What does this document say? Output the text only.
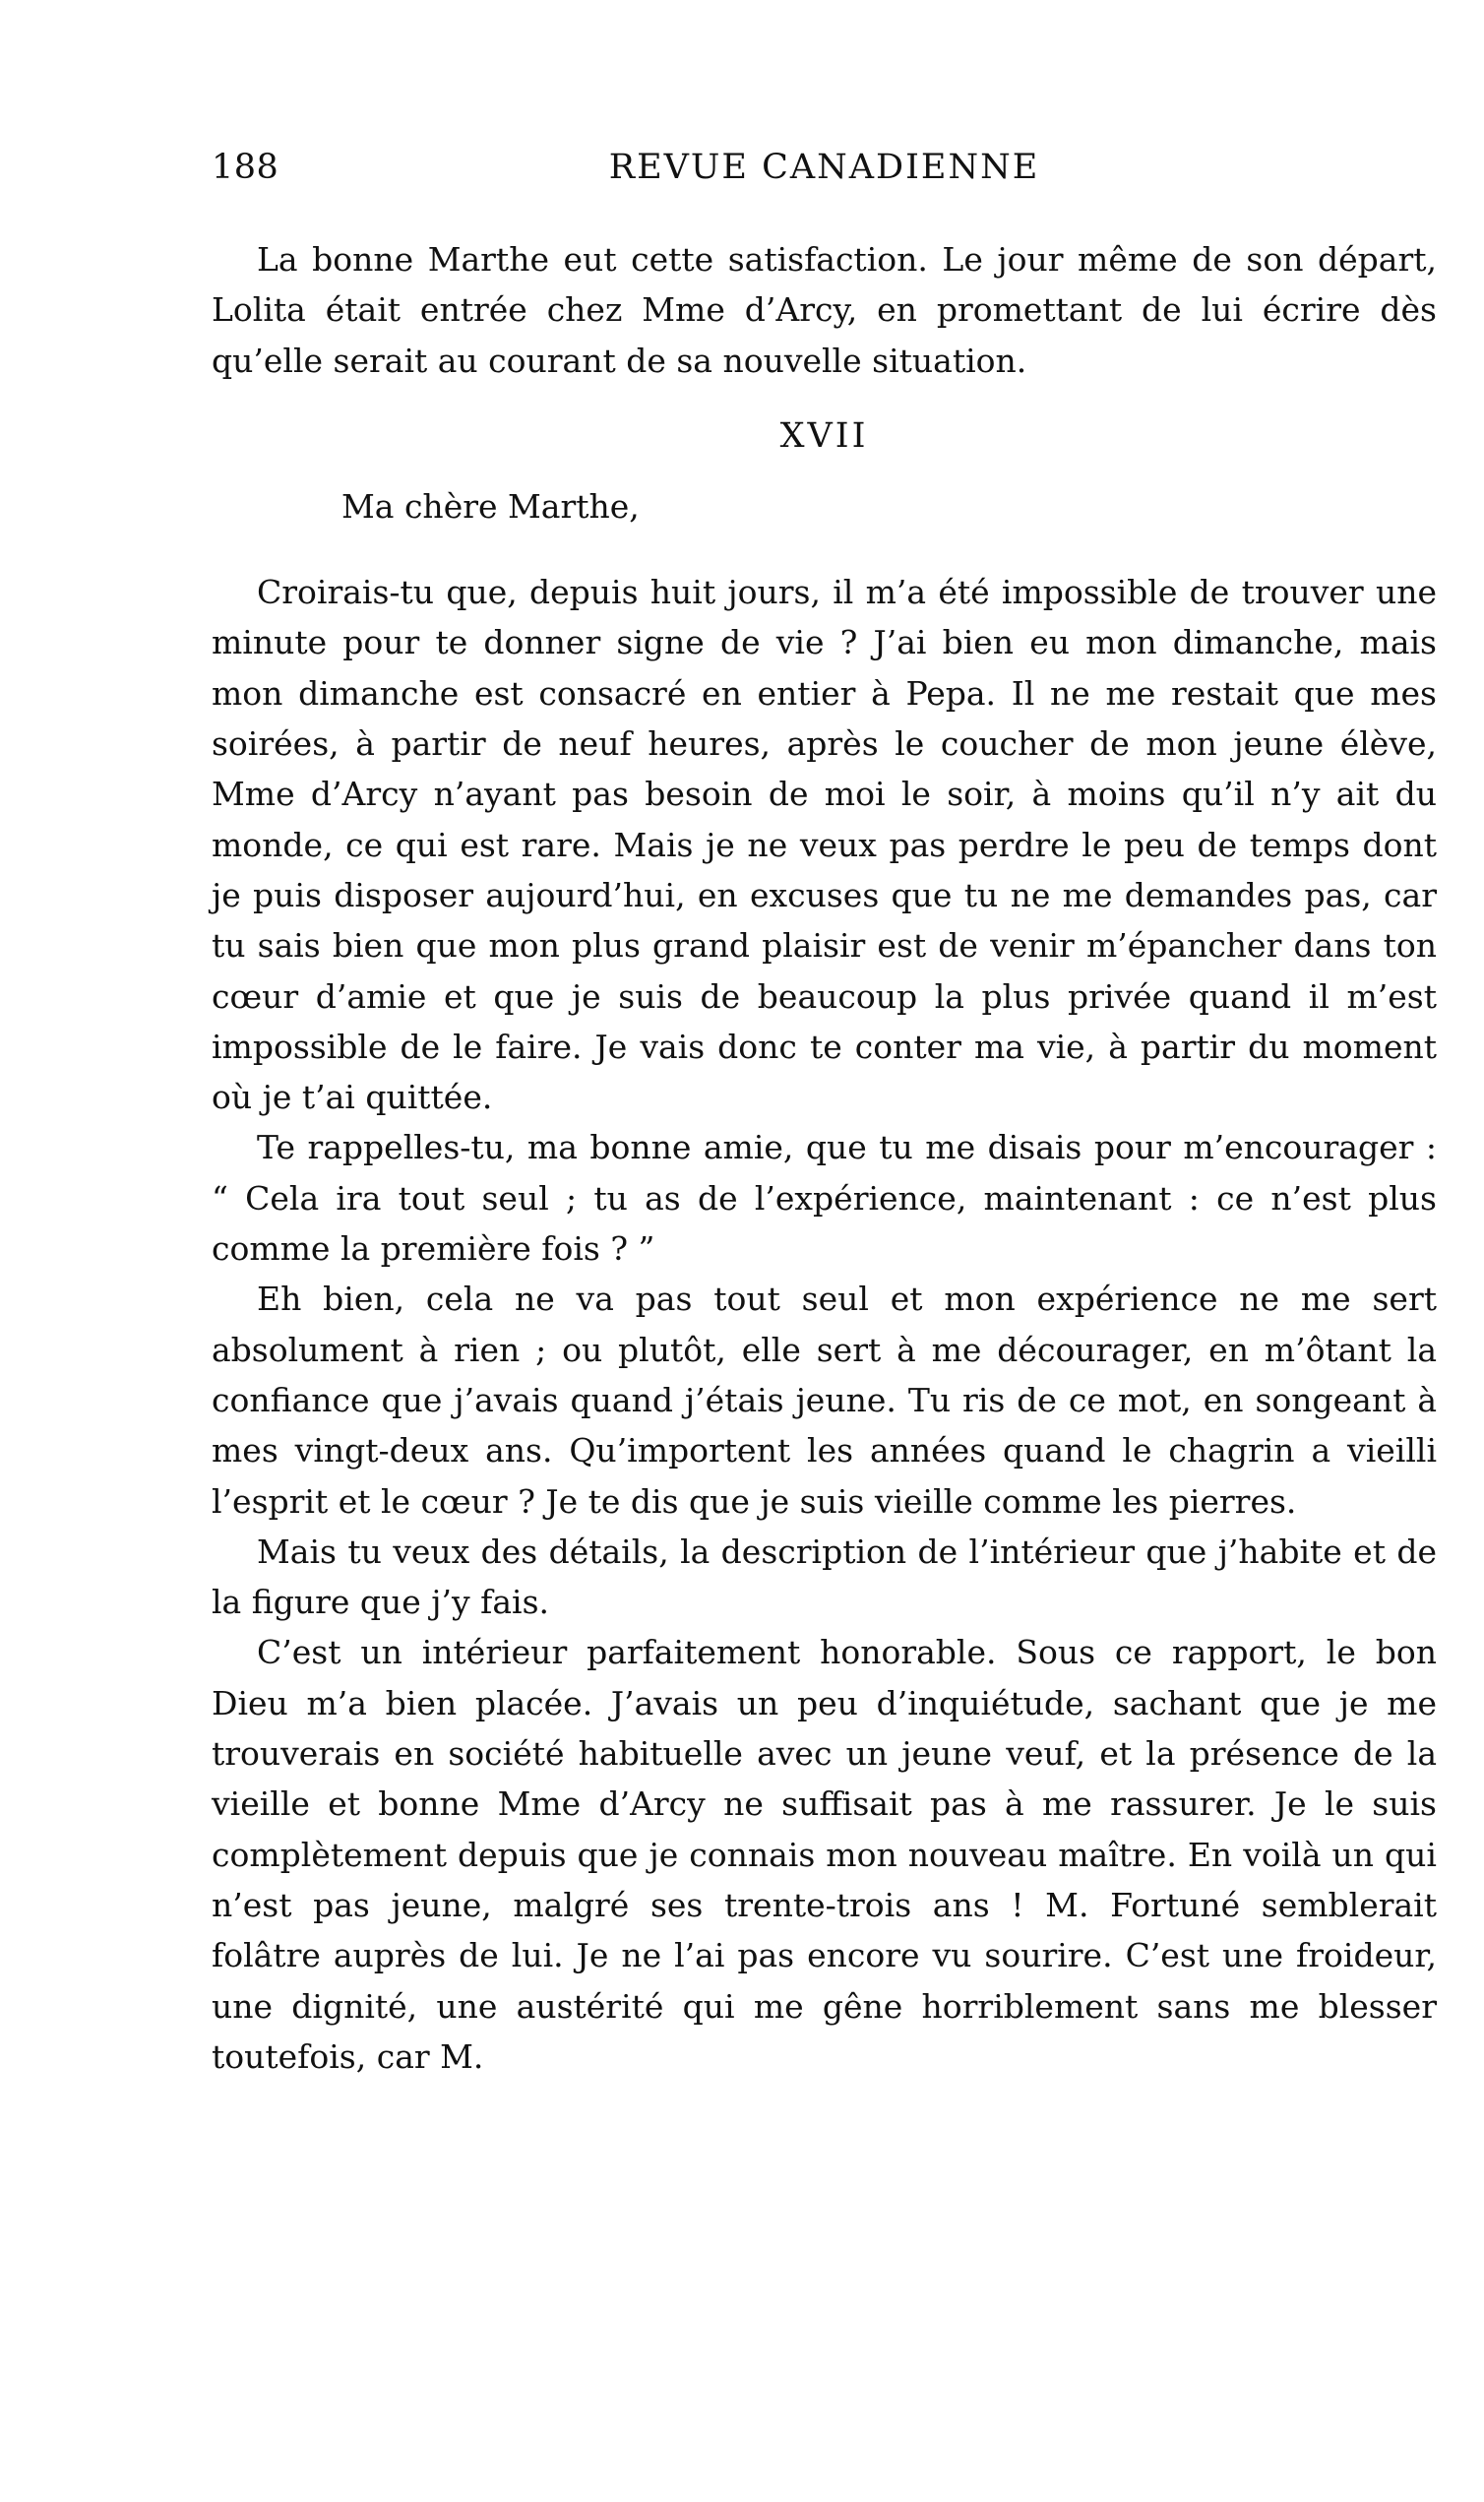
188	REVUE CANADIENNE

La bonne Marthe eut cette satisfaction. Le jour même de son départ, Lolita était entrée chez Mme d’Arcy, en promettant de lui écrire dès qu’elle serait au courant de sa nouvelle situation.

XVII

Ma chère Marthe,

Croirais-tu que, depuis huit jours, il m’a été impossible de trouver une minute pour te donner signe de vie ? J’ai bien eu mon dimanche, mais mon dimanche est consacré en entier à Pepa. Il ne me restait que mes soirées, à partir de neuf heures, après le coucher de mon jeune élève, Mme d’Arcy n’ayant pas besoin de moi le soir, à moins qu’il n’y ait du monde, ce qui est rare. Mais je ne veux pas perdre le peu de temps dont je puis disposer aujourd’hui, en excuses que tu ne me demandes pas, car tu sais bien que mon plus grand plaisir est de venir m’épancher dans ton cœur d’amie et que je suis de beaucoup la plus privée quand il m’est impossible de le faire. Je vais donc te conter ma vie, à partir du moment où je t’ai quittée.

Te rappelles-tu, ma bonne amie, que tu me disais pour m’encourager : “ Cela ira tout seul ; tu as de l’expérience, maintenant : ce n’est plus comme la première fois ? ”

Eh bien, cela ne va pas tout seul et mon expérience ne me sert absolument à rien ; ou plutôt, elle sert à me décourager, en m’ôtant la confiance que j’avais quand j’étais jeune. Tu ris de ce mot, en songeant à mes vingt-deux ans. Qu’importent les années quand le chagrin a vieilli l’esprit et le cœur ? Je te dis que je suis vieille comme les pierres.

Mais tu veux des détails, la description de l’intérieur que j’habite et de la figure que j’y fais.

C’est un intérieur parfaitement honorable. Sous ce rapport, le bon Dieu m’a bien placée. J’avais un peu d’inquiétude, sachant que je me trouverais en société habituelle avec un jeune veuf, et la présence de la vieille et bonne Mme d’Arcy ne suffisait pas à me rassurer. Je le suis complètement depuis que je connais mon nouveau maître. En voilà un qui n’est pas jeune, malgré ses trente-trois ans ! M. Fortuné semblerait folâtre auprès de lui. Je ne l’ai pas encore vu sourire. C’est une froideur, une dignité, une austérité qui me gêne horriblement sans me blesser toutefois, car M.
